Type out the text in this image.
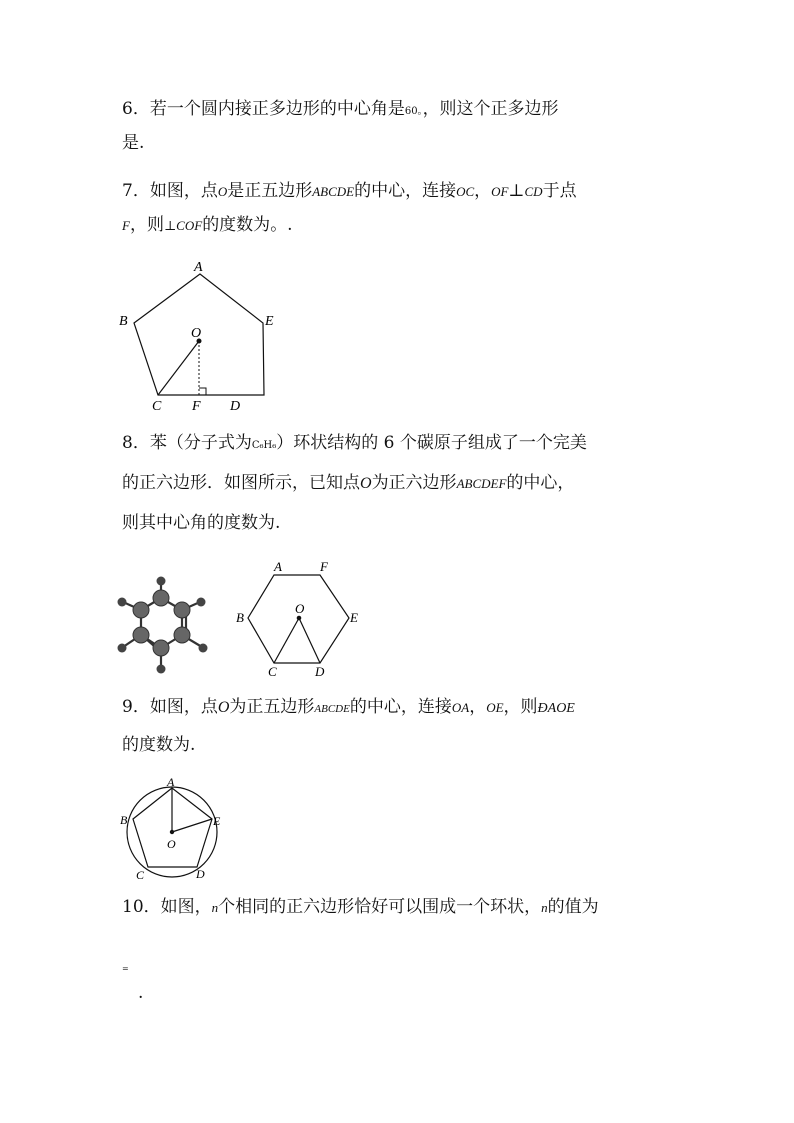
6．若一个圆内接正多边形的中心角是60。，则这个正多边形
是.
7．如图，点O是正五边形ABCDE的中心，连接OC，OF⊥CD于点
F，则⊥COF的度数为。.
A
B	E
O
C F D
8．苯（分子式为C₆H₆）环状结构的 6 个碳原子组成了一个完美
的正六边形．如图所示，已知点O为正六边形ABCDEF的中心，
则其中心角的度数为.
A	F
B	E
O
C	D
9．如图，点O为正五边形ABCDE的中心，连接OA，OE，则ÐAOE
的度数为.
A
B	E
O
C	D
10．如图，n个相同的正六边形恰好可以围成一个环状，n的值为
=
.
